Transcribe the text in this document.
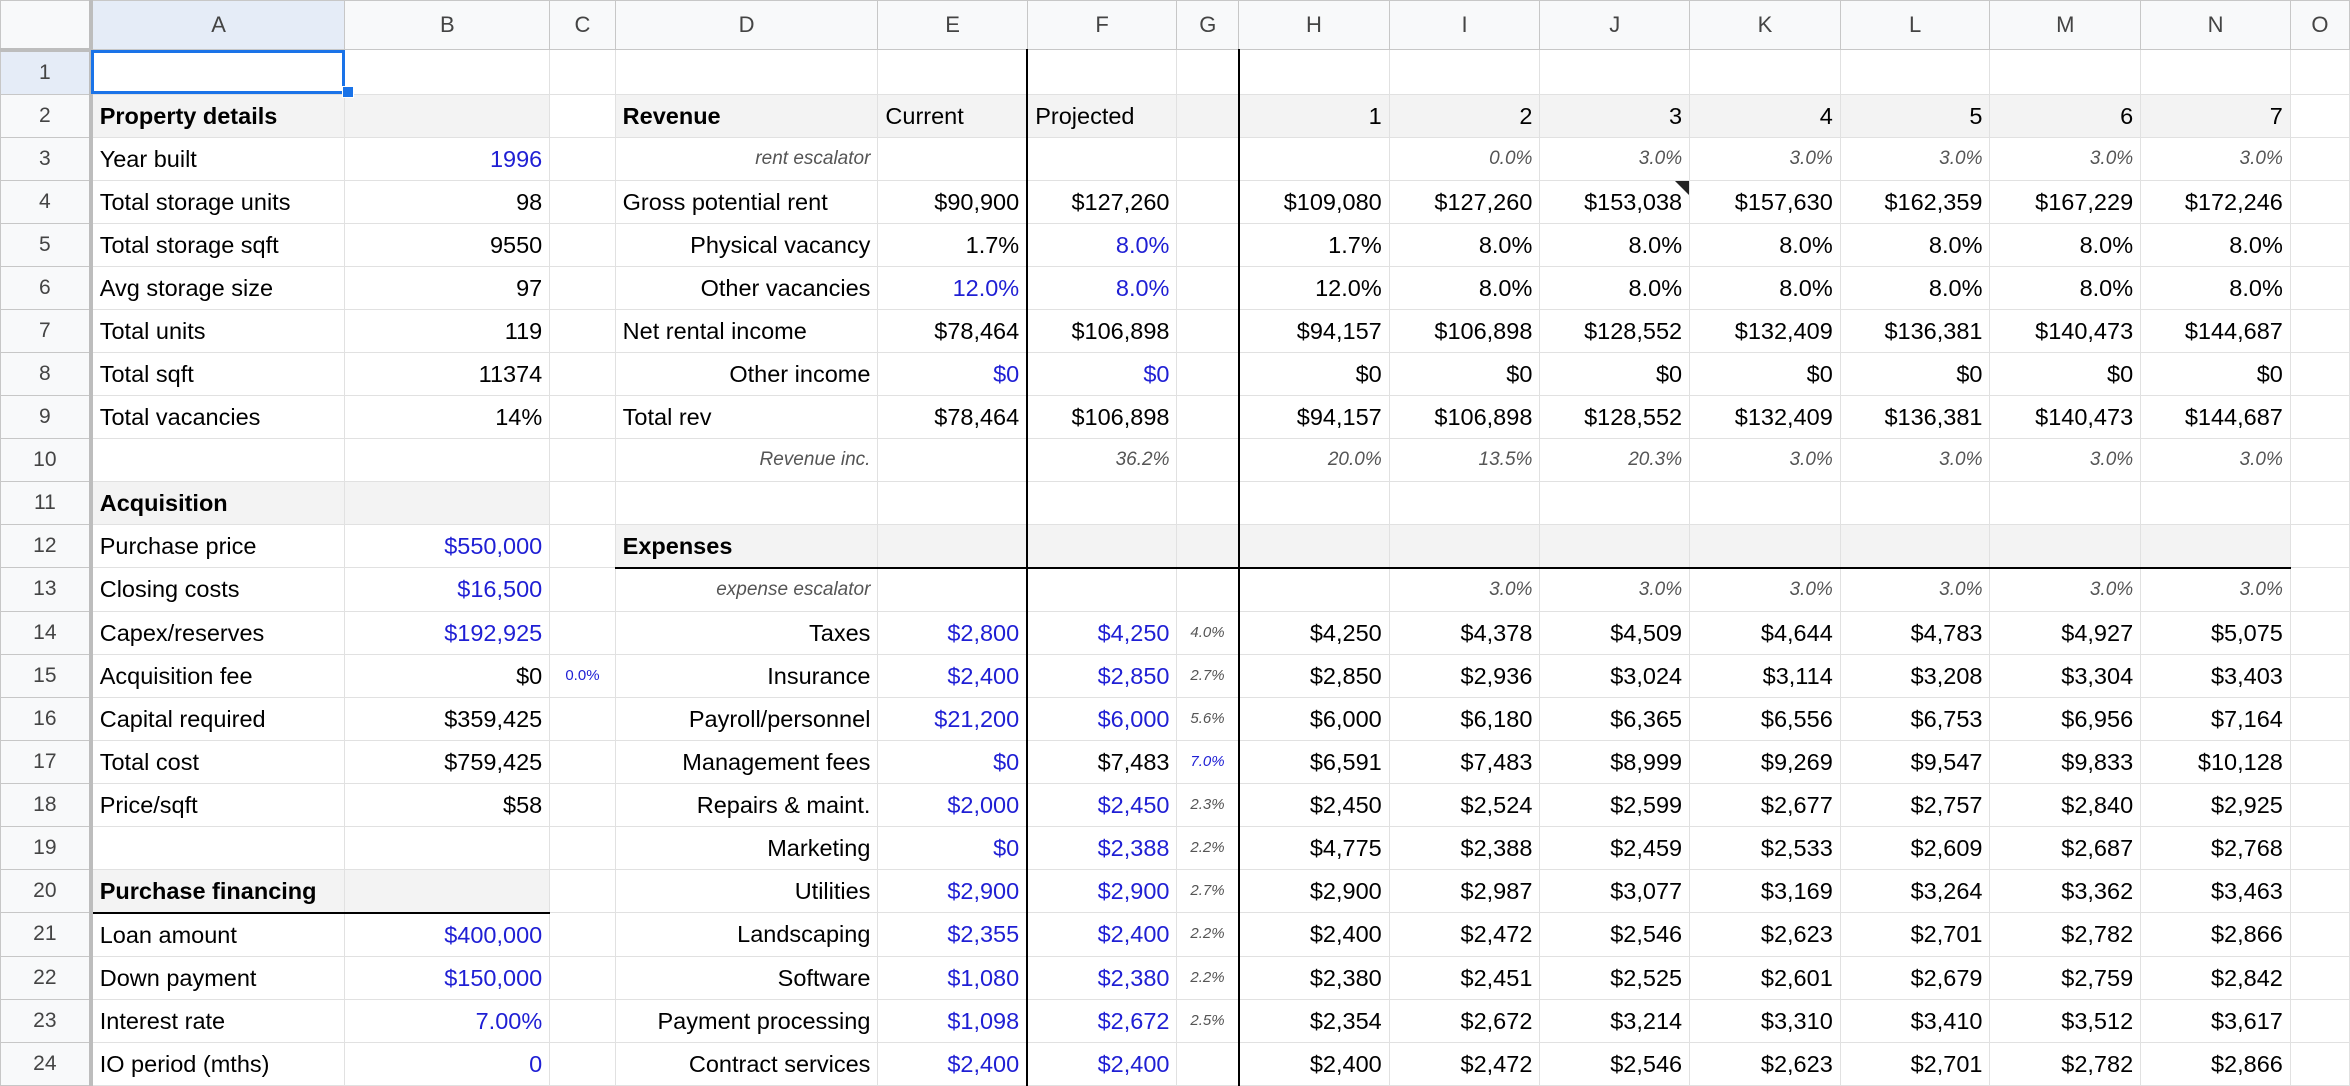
	A	B	C	D	E	F	G	H	I	J	K	L	M	N	O
1															
2	Property details			Revenue	Current	Projected		1	2	3	4	5	6	7	
3	Year built	1996		rent escalator					0.0%	3.0%	3.0%	3.0%	3.0%	3.0%	
4	Total storage units	98		Gross potential rent	$90,900	$127,260		$109,080	$127,260	$153,038	$157,630	$162,359	$167,229	$172,246	
5	Total storage sqft	9550		Physical vacancy	1.7%	8.0%		1.7%	8.0%	8.0%	8.0%	8.0%	8.0%	8.0%	
6	Avg storage size	97		Other vacancies	12.0%	8.0%		12.0%	8.0%	8.0%	8.0%	8.0%	8.0%	8.0%	
7	Total units	119		Net rental income	$78,464	$106,898		$94,157	$106,898	$128,552	$132,409	$136,381	$140,473	$144,687	
8	Total sqft	11374		Other income	$0	$0		$0	$0	$0	$0	$0	$0	$0	
9	Total vacancies	14%		Total rev	$78,464	$106,898		$94,157	$106,898	$128,552	$132,409	$136,381	$140,473	$144,687	
10				Revenue inc.		36.2%		20.0%	13.5%	20.3%	3.0%	3.0%	3.0%	3.0%	
11	Acquisition														
12	Purchase price	$550,000		Expenses											
13	Closing costs	$16,500		expense escalator					3.0%	3.0%	3.0%	3.0%	3.0%	3.0%	
14	Capex/reserves	$192,925		Taxes	$2,800	$4,250	4.0%	$4,250	$4,378	$4,509	$4,644	$4,783	$4,927	$5,075	
15	Acquisition fee	$0	0.0%	Insurance	$2,400	$2,850	2.7%	$2,850	$2,936	$3,024	$3,114	$3,208	$3,304	$3,403	
16	Capital required	$359,425		Payroll/personnel	$21,200	$6,000	5.6%	$6,000	$6,180	$6,365	$6,556	$6,753	$6,956	$7,164	
17	Total cost	$759,425		Management fees	$0	$7,483	7.0%	$6,591	$7,483	$8,999	$9,269	$9,547	$9,833	$10,128	
18	Price/sqft	$58		Repairs & maint.	$2,000	$2,450	2.3%	$2,450	$2,524	$2,599	$2,677	$2,757	$2,840	$2,925	
19				Marketing	$0	$2,388	2.2%	$4,775	$2,388	$2,459	$2,533	$2,609	$2,687	$2,768	
20	Purchase financing			Utilities	$2,900	$2,900	2.7%	$2,900	$2,987	$3,077	$3,169	$3,264	$3,362	$3,463	
21	Loan amount	$400,000		Landscaping	$2,355	$2,400	2.2%	$2,400	$2,472	$2,546	$2,623	$2,701	$2,782	$2,866	
22	Down payment	$150,000		Software	$1,080	$2,380	2.2%	$2,380	$2,451	$2,525	$2,601	$2,679	$2,759	$2,842	
23	Interest rate	7.00%		Payment processing	$1,098	$2,672	2.5%	$2,354	$2,672	$3,214	$3,310	$3,410	$3,512	$3,617	
24	IO period (mths)	0		Contract services	$2,400	$2,400		$2,400	$2,472	$2,546	$2,623	$2,701	$2,782	$2,866	
